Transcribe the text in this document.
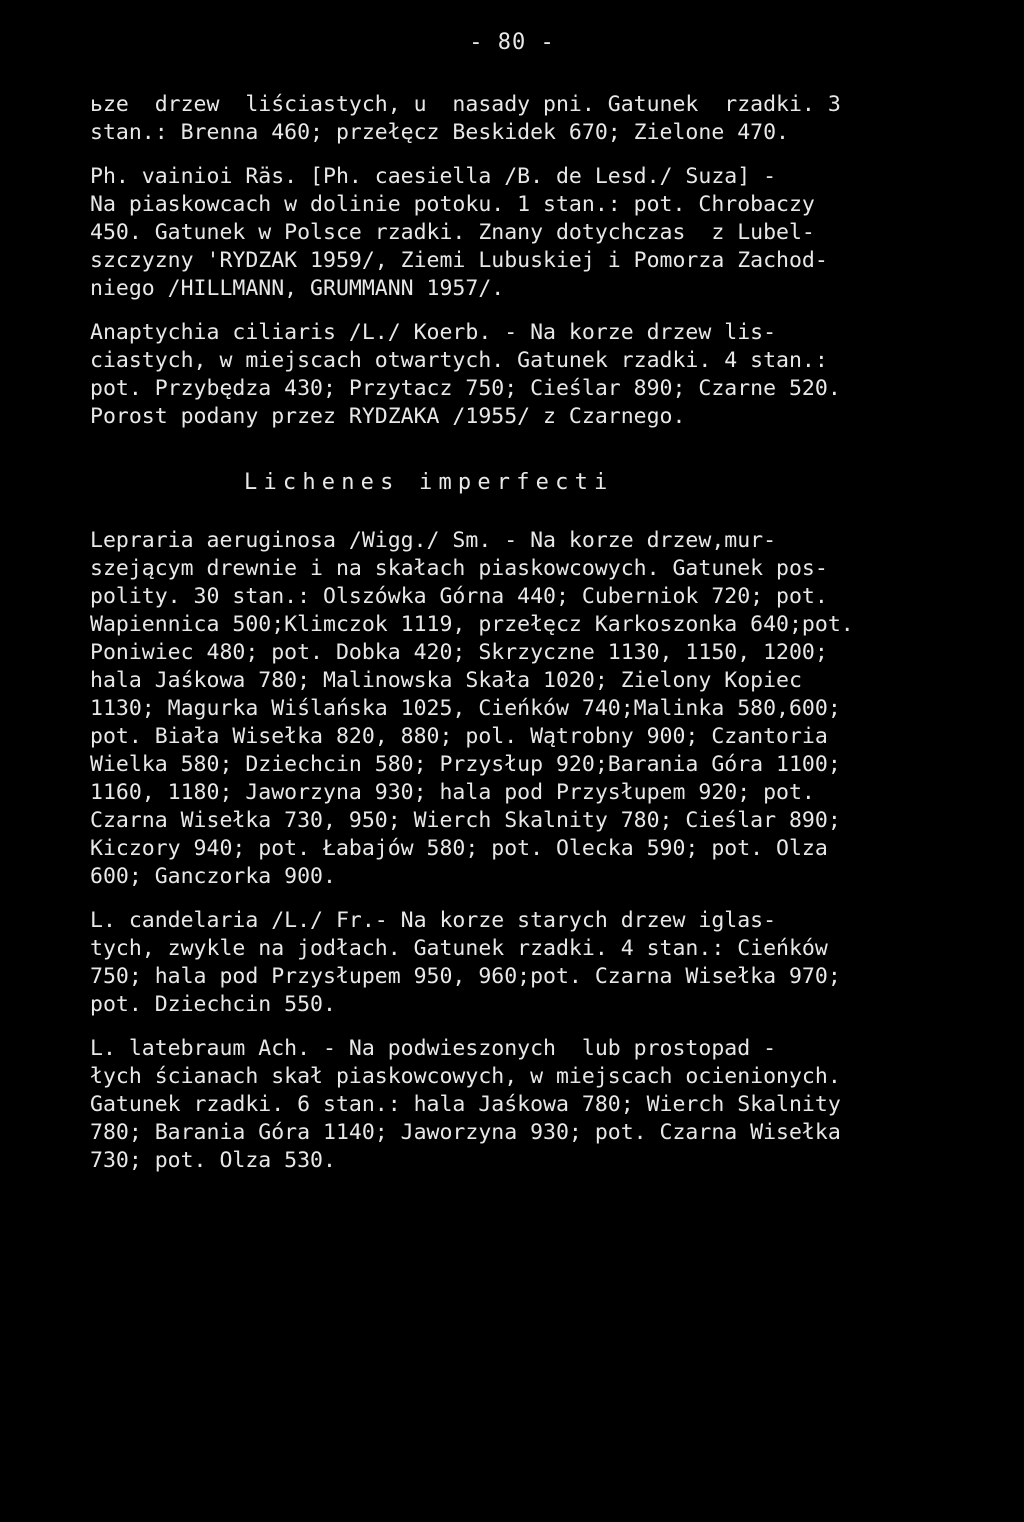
- 80 -
ьze  drzew  liściastych, u  nasady pni. Gatunek  rzadki. 3
stan.: Brenna 460; przełęcz Beskidek 670; Zielone 470.
Ph. vainioi Räs. [Ph. caesiella /B. de Lesd./ Suza] -
Na piaskowcach w dolinie potoku. 1 stan.: pot. Chrobaczy
450. Gatunek w Polsce rzadki. Znany dotychczas  z Lubel-
szczyzny 'RYDZAK 1959/, Ziemi Lubuskiej i Pomorza Zachod-
niego /HILLMANN, GRUMMANN 1957/.
Anaptychia ciliaris /L./ Koerb. - Na korze drzew lis-
ciastych, w miejscach otwartych. Gatunek rzadki. 4 stan.:
pot. Przybędza 430; Przytacz 750; Cieślar 890; Czarne 520.
Porost podany przez RYDZAKA /1955/ z Czarnego.
Lichenes imperfecti
Lepraria aeruginosa /Wigg./ Sm. - Na korze drzew,mur-
szejącym drewnie i na skałach piaskowcowych. Gatunek pos-
polity. 30 stan.: Olszówka Górna 440; Cuberniok 720; pot.
Wapiennica 500;Klimczok 1119, przełęcz Karkoszonka 640;pot.
Poniwiec 480; pot. Dobka 420; Skrzyczne 1130, 1150, 1200;
hala Jaśkowa 780; Malinowska Skała 1020; Zielony Kopiec
1130; Magurka Wiślańska 1025, Cieńków 740;Malinka 580,600;
pot. Biała Wisełka 820, 880; pol. Wątrobny 900; Czantoria
Wielka 580; Dziechcin 580; Przysłup 920;Barania Góra 1100;
1160, 1180; Jaworzyna 930; hala pod Przysłupem 920; pot.
Czarna Wisełka 730, 950; Wierch Skalnity 780; Cieślar 890;
Kiczory 940; pot. Łabajów 580; pot. Olecka 590; pot. Olza
600; Ganczorka 900.
L. candelaria /L./ Fr.- Na korze starych drzew iglas-
tych, zwykle na jodłach. Gatunek rzadki. 4 stan.: Cieńków
750; hala pod Przysłupem 950, 960;pot. Czarna Wisełka 970;
pot. Dziechcin 550.
L. latebraum Ach. - Na podwieszonych  lub prostopad -
łych ścianach skał piaskowcowych, w miejscach ocienionych.
Gatunek rzadki. 6 stan.: hala Jaśkowa 780; Wierch Skalnity
780; Barania Góra 1140; Jaworzyna 930; pot. Czarna Wisełka
730; pot. Olza 530.
